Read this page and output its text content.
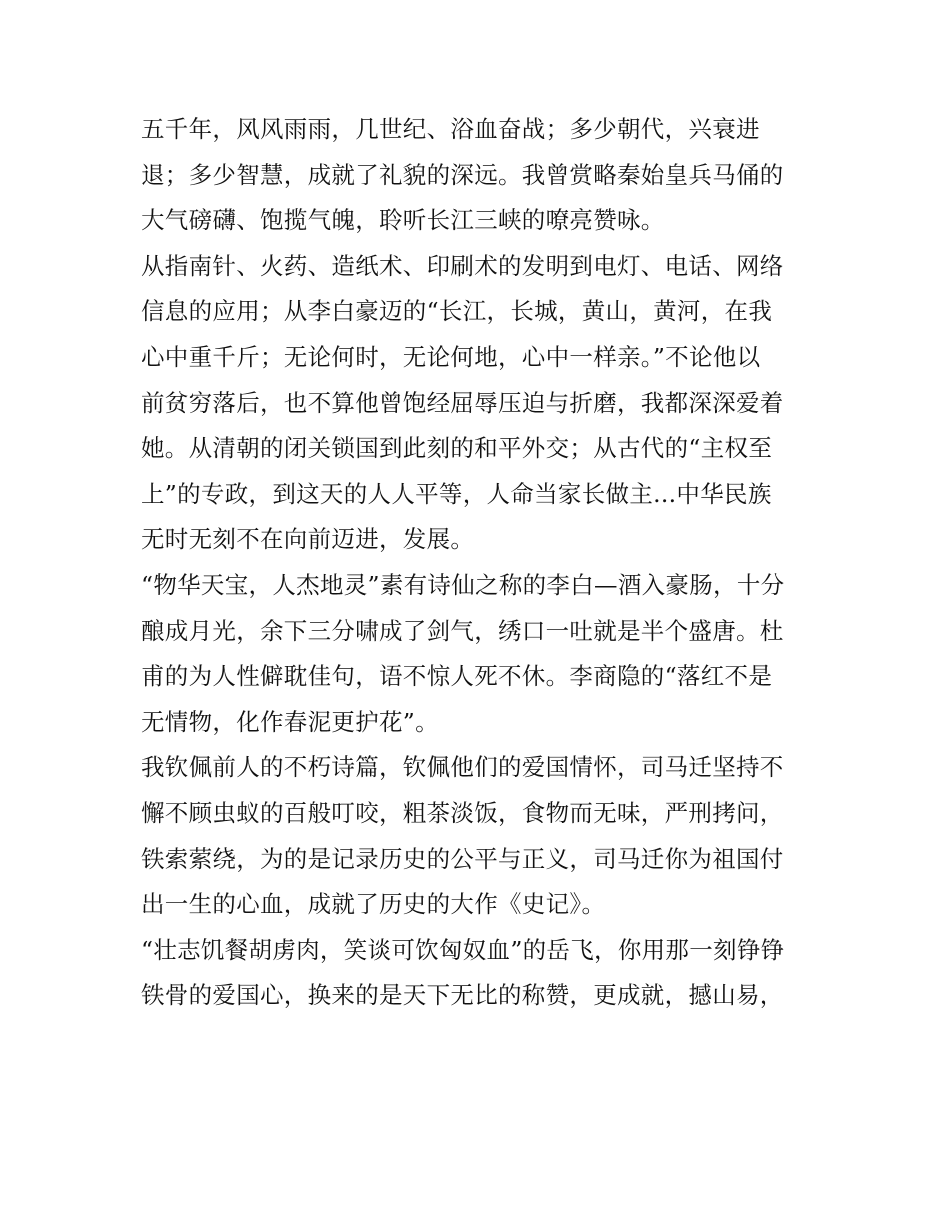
五千年，风风雨雨，几世纪、浴血奋战；多少朝代，兴衰进
退；多少智慧，成就了礼貌的深远。我曾赏略秦始皇兵马俑的
大气磅礴、饱揽气魄，聆听长江三峡的嘹亮赞咏。
从指南针、火药、造纸术、印刷术的发明到电灯、电话、网络
信息的应用；从李白豪迈的“长江，长城，黄山，黄河，在我
心中重千斤；无论何时，无论何地，心中一样亲。”不论他以
前贫穷落后，也不算他曾饱经屈辱压迫与折磨，我都深深爱着
她。从清朝的闭关锁国到此刻的和平外交；从古代的“主权至
上”的专政，到这天的人人平等，人命当家长做主...中华民族
无时无刻不在向前迈进，发展。
“物华天宝，人杰地灵”素有诗仙之称的李白—酒入豪肠，十分
酿成月光，余下三分啸成了剑气，绣口一吐就是半个盛唐。杜
甫的为人性僻耽佳句，语不惊人死不休。李商隐的“落红不是
无情物，化作春泥更护花”。
我钦佩前人的不朽诗篇，钦佩他们的爱国情怀，司马迁坚持不
懈不顾虫蚁的百般叮咬，粗茶淡饭，食物而无味，严刑拷问，
铁索萦绕，为的是记录历史的公平与正义，司马迁你为祖国付
出一生的心血，成就了历史的大作《史记》。
“壮志饥餐胡虏肉，笑谈可饮匈奴血”的岳飞，你用那一刻铮铮
铁骨的爱国心，换来的是天下无比的称赞，更成就，撼山易，
